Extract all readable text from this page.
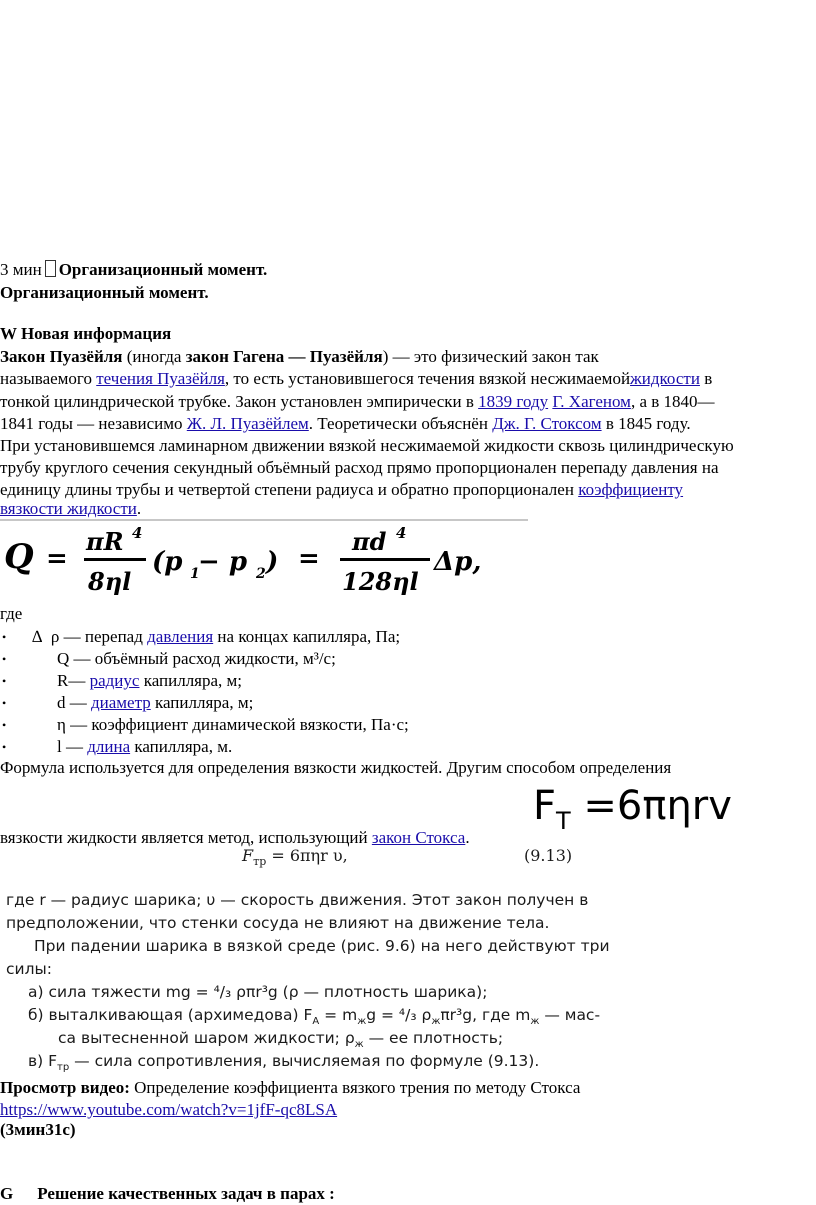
3 мин Организационный момент.
Организационный момент.
W Новая информация
Закон Пуазёйля (иногда закон Гагена — Пуазёйля) — это физический закон так
называемого течения Пуазёйля, то есть установившегося течения вязкой несжимаемойжидкости в
тонкой цилиндрической трубке. Закон установлен эмпирически в 1839 году Г. Хагеном, а в 1840—
1841 годы — независимо Ж. Л. Пуазёйлем. Теоретически объяснён Дж. Г. Стоксом в 1845 году.
При установившемся ламинарном движении вязкой несжимаемой жидкости сквозь цилиндрическую
трубу круглого сечения секундный объёмный расход прямо пропорционален перепаду давления на
единицу длины трубы и четвертой степени радиуса и обратно пропорционален коэффициенту
вязкости жидкости.
Q =
πR 4
8ηl
(p 1
− p 2 ) =
πd 4
128ηl
Δp,
где
• ∆ ρ — перепад давления на концах капилляра, Па;
•	Q — объёмный расход жидкости, м³/с;
•	R— радиус капилляра, м;
•	d — диаметр капилляра, м;
•	η — коэффициент динамической вязкости, Па·с;
•	l — длина капилляра, м.
Формула используется для определения вязкости жидкостей. Другим способом определения
$F_T =6\pi\eta rv$
вязкости жидкости является метод, использующий закон Стокса.
$F_{тр} = 6\pi\eta r$ υ,	(9.13)
где r — радиус шарика; υ — скорость движения. Этот закон получен в
предположении, что стенки сосуда не влияют на движение тела.
При падении шарика в вязкой среде (рис. 9.6) на него действуют три
силы:
а) сила тяжести mg = ⁴/₃ ρπr³g (ρ — плотность шарика);
б) выталкивающая (архимедова) $F_A = m_жg = ^4/_3$ $\rho_ж\pi r^3g$, где $m_ж$ — мас-
са вытесненной шаром жидкости; $\rho_ж$ — ее плотность;
в) $F_{тр}$ — сила сопротивления, вычисляемая по формуле (9.13).
Просмотр видео: Определение коэффициента вязкого трения по методу Стокса
https://www.youtube.com/watch?v=1jfF-qc8LSA
(3мин31с)
G Решение качественных задач в парах :
